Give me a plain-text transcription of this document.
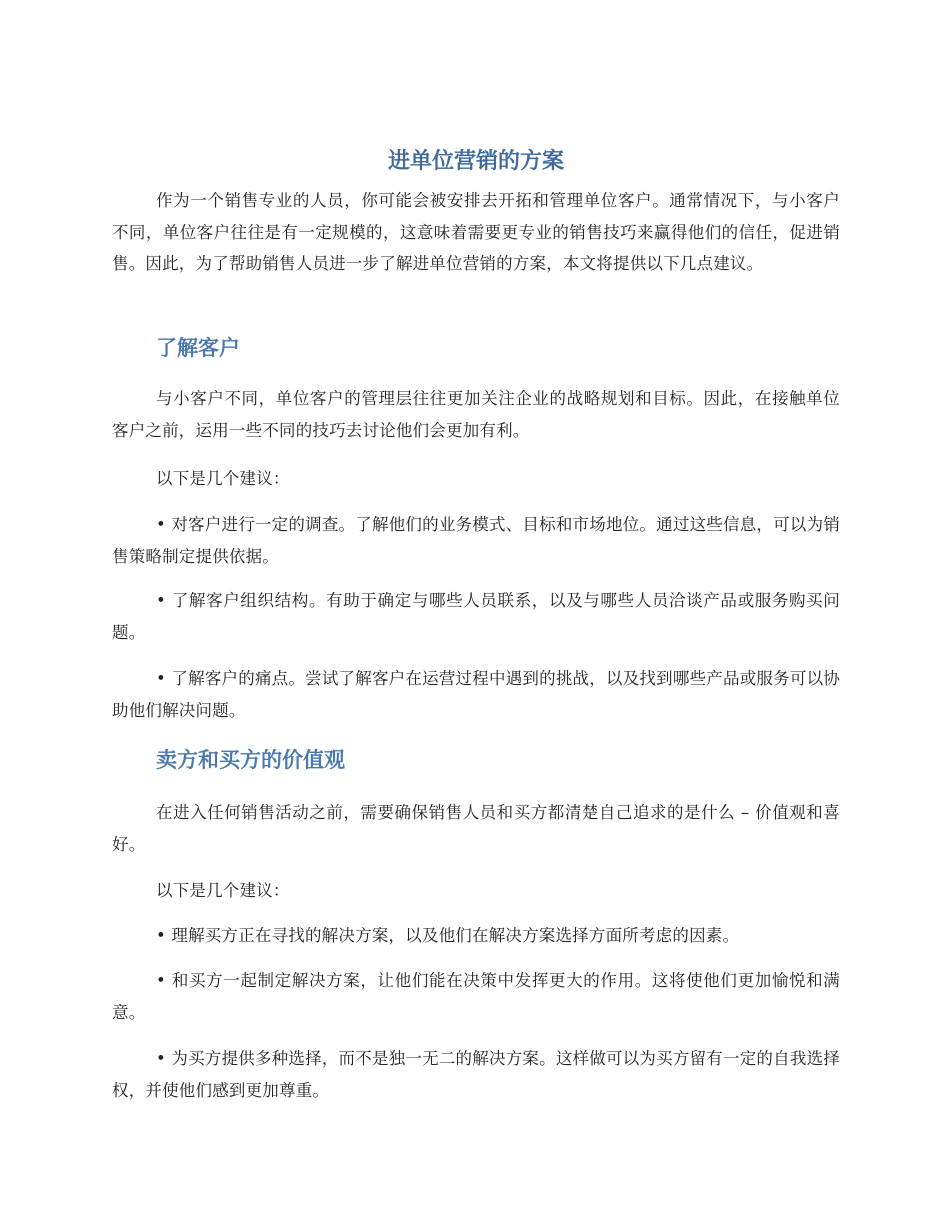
进单位营销的方案

作为一个销售专业的人员，你可能会被安排去开拓和管理单位客户。通常情况下，与小客户不同，单位客户往往是有一定规模的，这意味着需要更专业的销售技巧来赢得他们的信任，促进销售。因此，为了帮助销售人员进一步了解进单位营销的方案，本文将提供以下几点建议。

了解客户

与小客户不同，单位客户的管理层往往更加关注企业的战略规划和目标。因此，在接触单位客户之前，运用一些不同的技巧去讨论他们会更加有利。

以下是几个建议：

• 对客户进行一定的调查。了解他们的业务模式、目标和市场地位。通过这些信息，可以为销售策略制定提供依据。

• 了解客户组织结构。有助于确定与哪些人员联系，以及与哪些人员洽谈产品或服务购买问题。

• 了解客户的痛点。尝试了解客户在运营过程中遇到的挑战，以及找到哪些产品或服务可以协助他们解决问题。

卖方和买方的价值观

在进入任何销售活动之前，需要确保销售人员和买方都清楚自己追求的是什么 – 价值观和喜好。

以下是几个建议：

• 理解买方正在寻找的解决方案，以及他们在解决方案选择方面所考虑的因素。

• 和买方一起制定解决方案，让他们能在决策中发挥更大的作用。这将使他们更加愉悦和满意。

• 为买方提供多种选择，而不是独一无二的解决方案。这样做可以为买方留有一定的自我选择权，并使他们感到更加尊重。
